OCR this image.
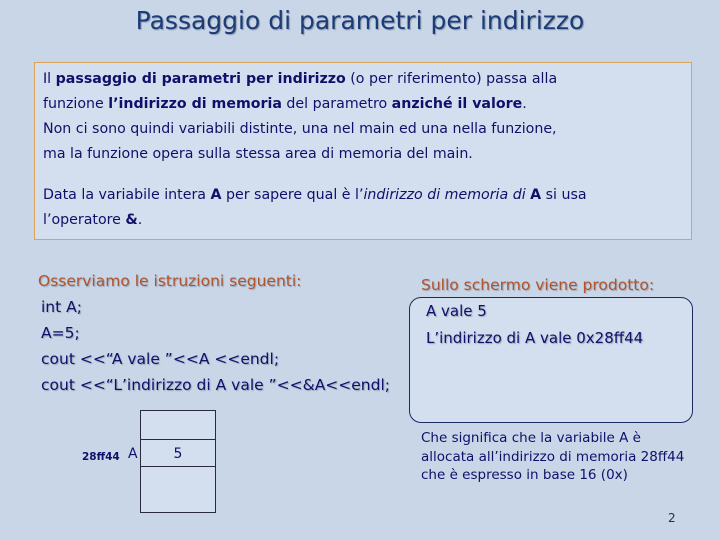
Passaggio di parametri per indirizzo

Il passaggio di parametri per indirizzo (o per riferimento) passa alla

funzione l’indirizzo di memoria del parametro anziché il valore.

Non ci sono quindi variabili distinte, una nel main ed una nella funzione,

ma la funzione opera sulla stessa area di memoria del main.

Data la variabile intera A per sapere qual è l’indirizzo di memoria di A si usa

l’operatore &.

Osserviamo le istruzioni seguenti:
int A;
A=5;
cout <<“A vale ”<<A <<endl;
cout <<“L’indirizzo di A vale ”<<&A<<endl;
Sullo schermo viene prodotto:
A vale 5
L’indirizzo di A vale 0x28ff44
Che significa che la variabile A è
allocata all’indirizzo di memoria 28ff44
che è espresso in base 16 (0x)
28ff44 A	5
2
